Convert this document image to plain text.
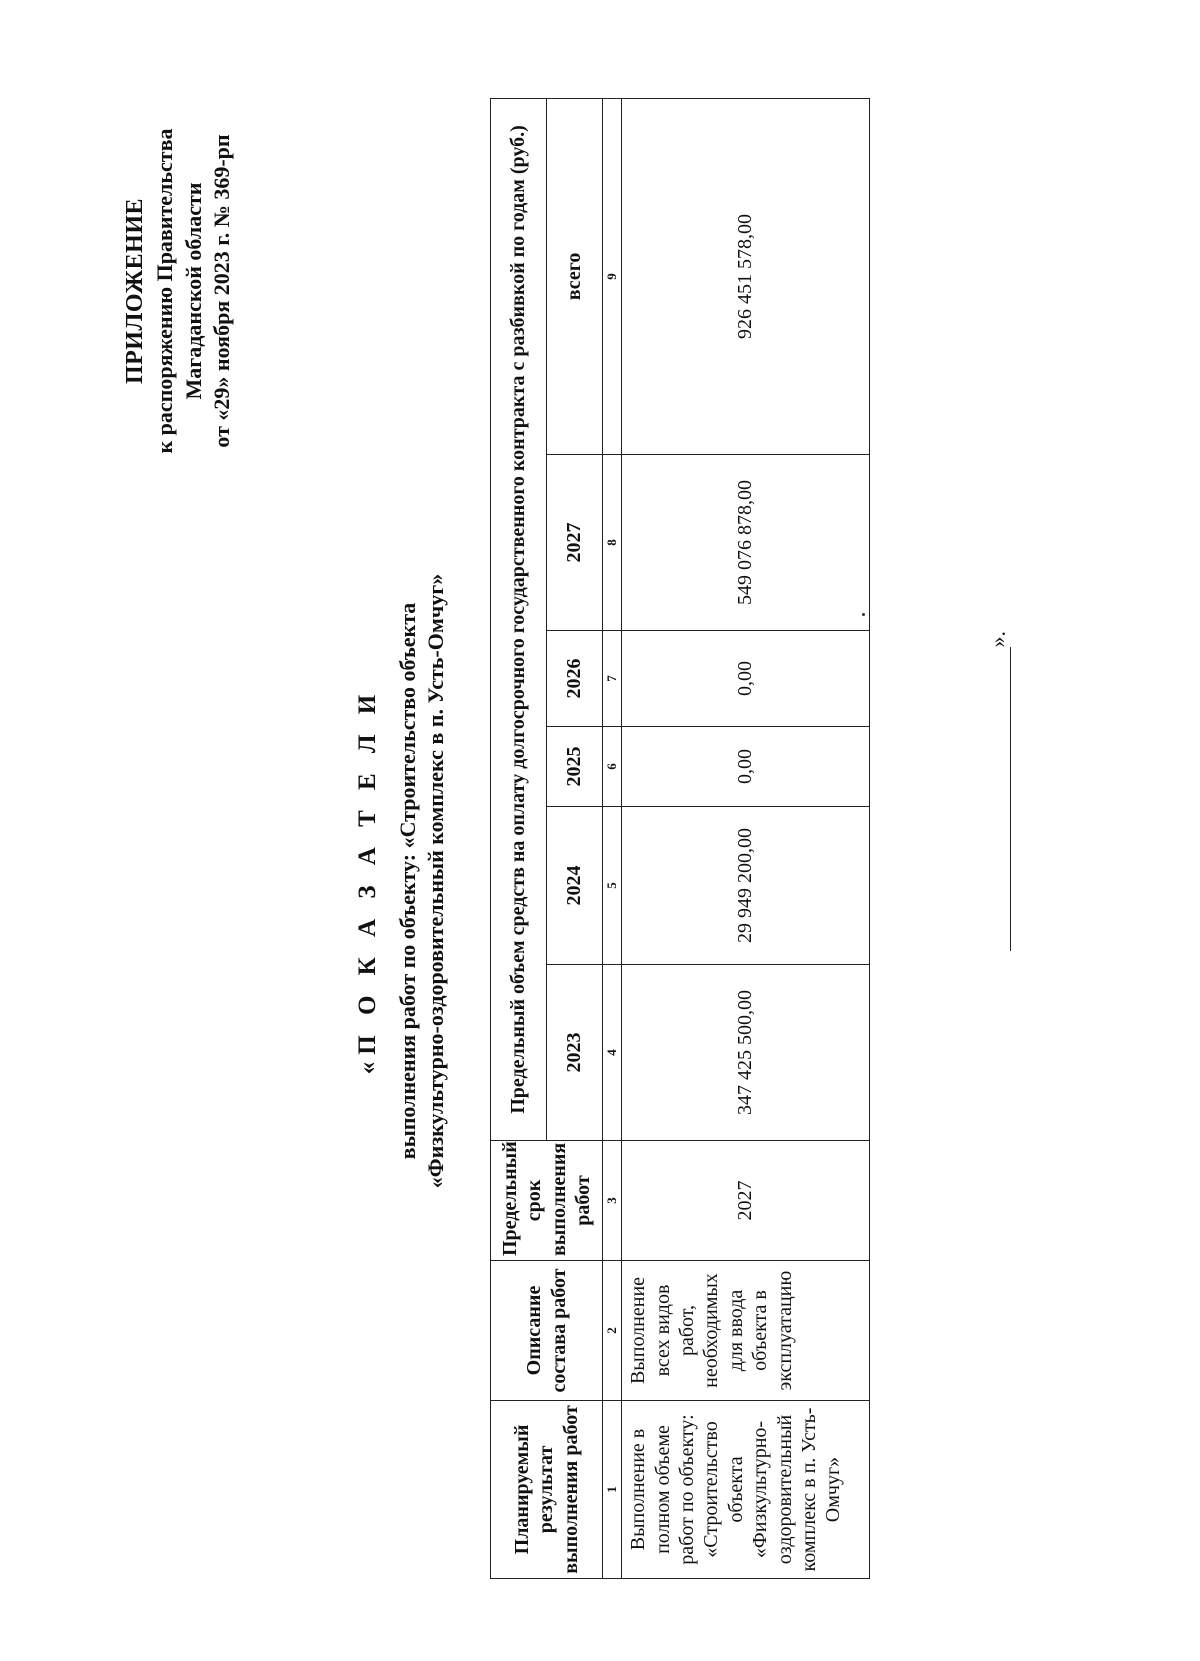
ПРИЛОЖЕНИЕ к распоряжению Правительства Магаданской области от «29» ноября 2023 г. № 369-рп
«П О К А З А Т Е Л И выполнения работ по объекту: «Строительство объекта «Физкультурно-оздоровительный комплекс в п. Усть-Омчуг»
Планируемый результат выполнения работ	Описание состава работ	Предельный срок выполнения работ	Предельный объем средств на оплату долгосрочного государственного контракта с разбивкой по годам (руб.)					
			2023	2024	2025	2026	2027	всего
1	2	3	4	5	6	7	8	9
Выполнение в полном объеме работ по объекту: «Строительство объекта «Физкультурно-оздоровительный комплекс в п. Усть-Омчуг»	Выполнение всех видов работ, необходимых для ввода объекта в эксплуатацию	2027	347 425 500,00	29 949 200,00	0,00	0,00	549 076 878,00	926 451 578,00
».
